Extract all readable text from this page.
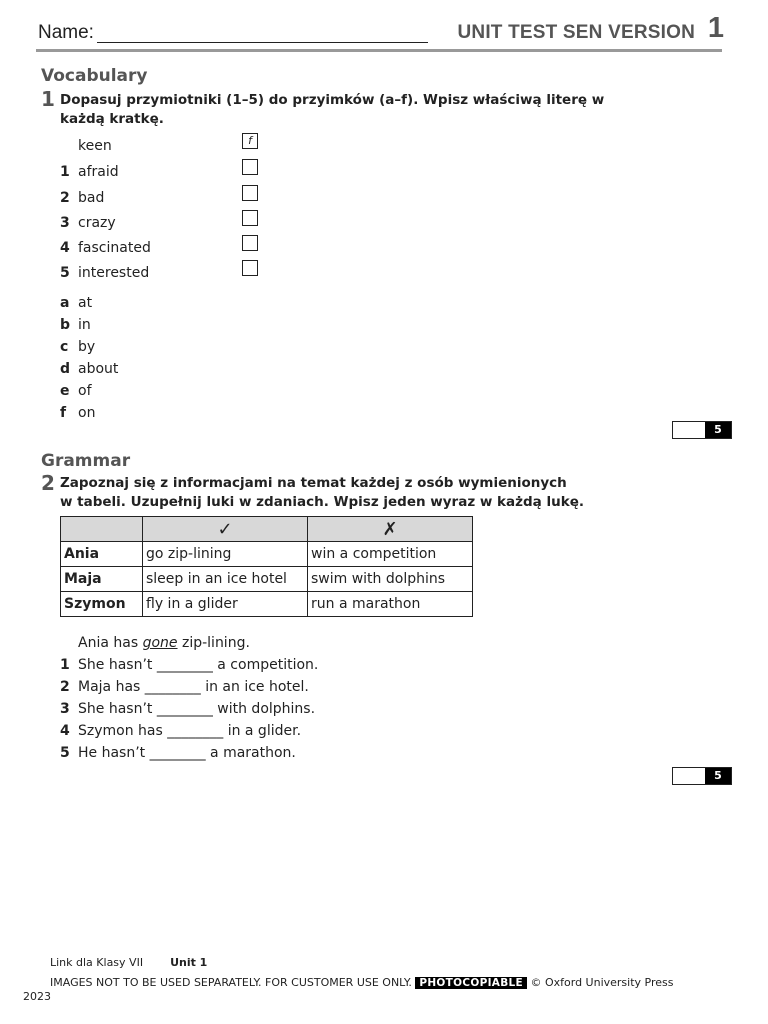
Name:	UNIT TEST SEN VERSION 1
Vocabulary
1 Dopasuj przymiotniki (1–5) do przyimków (a–f). Wpisz właściwą literę w
każdą kratkę.
keen	f
1 afraid
2 bad
3 crazy
4 fascinated
5 interested
a at
b in
c by
d about
e of
f on
5
Grammar
2 Zapoznaj się z informacjami na temat każdej z osób wymienionych
w tabeli. Uzupełnij luki w zdaniach. Wpisz jeden wyraz w każdą lukę.
	✓	✗
Ania	go zip-lining	win a competition
Maja	sleep in an ice hotel	swim with dolphins
Szymon	fly in a glider	run a marathon
Ania has gone zip-lining.
1 She hasn’t ________ a competition.
2 Maja has ________ in an ice hotel.
3 She hasn’t ________ with dolphins.
4 Szymon has ________ in a glider.
5 He hasn’t ________ a marathon.
5
Link dla Klasy VII Unit 1
IMAGES NOT TO BE USED SEPARATELY. FOR CUSTOMER USE ONLY. PHOTOCOPIABLE © Oxford University Press
2023
